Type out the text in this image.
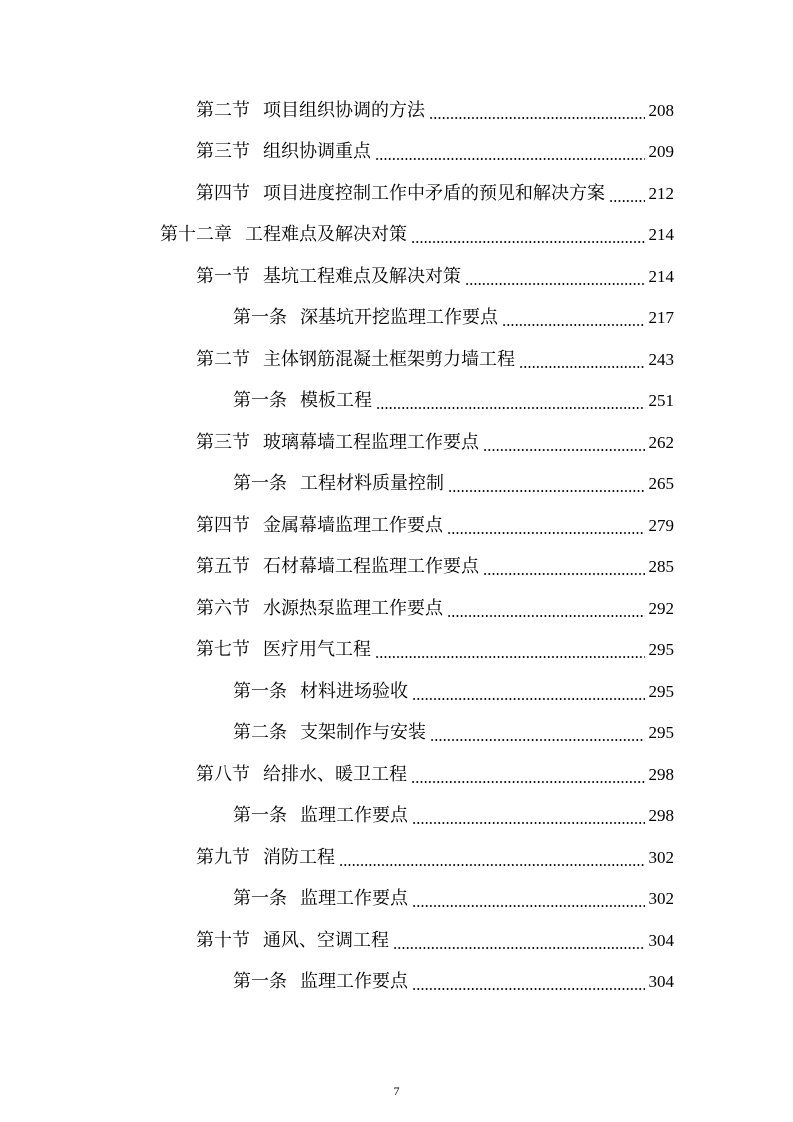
第二节 项目组织协调的方法	208
第三节 组织协调重点	209
第四节 项目进度控制工作中矛盾的预见和解决方案	212
第十二章 工程难点及解决对策	214
第一节 基坑工程难点及解决对策	214
第一条 深基坑开挖监理工作要点	217
第二节 主体钢筋混凝土框架剪力墙工程	243
第一条 模板工程	251
第三节 玻璃幕墙工程监理工作要点	262
第一条 工程材料质量控制	265
第四节 金属幕墙监理工作要点	279
第五节 石材幕墙工程监理工作要点	285
第六节 水源热泵监理工作要点	292
第七节 医疗用气工程	295
第一条 材料进场验收	295
第二条 支架制作与安装	295
第八节 给排水、暖卫工程	298
第一条 监理工作要点	298
第九节 消防工程	302
第一条 监理工作要点	302
第十节 通风、空调工程	304
第一条 监理工作要点	304
7
